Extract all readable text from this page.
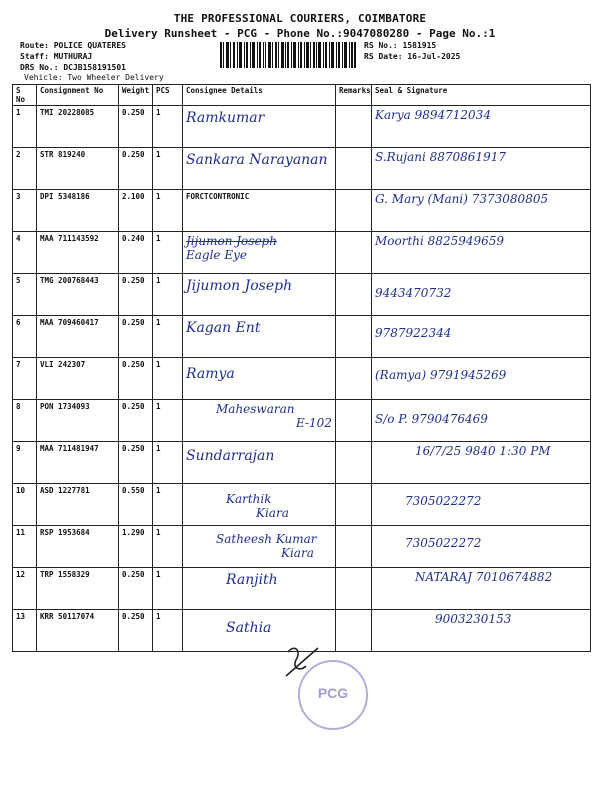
THE PROFESSIONAL COURIERS, COIMBATORE
Delivery Runsheet - PCG - Phone No.:9047080280 - Page No.:1
Route: POLICE QUATERES
Staff: MUTHURAJ
DRS No.: DCJB158191501
Vehicle: Two Wheeler Delivery
RS No.: 1581915
RS Date: 16-Jul-2025
S No	Consignment No	Weight	PCS	Consignee Details	Remarks	Seal & Signature
1	TMI 20228085	0.250	1	Ramkumar		Karya 9894712034

2	STR 819240	0.250	1	Sankara Narayanan		S.Rujani 8870861917

3	DPI 5348186	2.100	1	FORCTCONTRONIC		G. Mary (Mani) 7373080805

4	MAA 711143592	0.240	1	Jijumon Joseph
Eagle Eye		Moorthi 8825949659

5	TMG 200768443	0.250	1	Jijumon Joseph		9443470732

6	MAA 709460417	0.250	1	Kagan Ent		9787922344

7	VLI 242307	0.250	1	Ramya		(Ramya) 9791945269

8	PON 1734093	0.250	1	Maheswaran
E-102		S/o P. 9790476469

9	MAA 711481947	0.250	1	Sundarrajan		16/7/25 9840 1:30 PM

10	ASD 1227781	0.550	1	Karthik
Kiara		7305022272

11	RSP 1953684	1.290	1	Satheesh Kumar
Kiara		7305022272

12	TRP 1558329	0.250	1	Ranjith		NATARAJ 7010674882

13	KRR 50117074	0.250	1	Sathia		9003230153
PCG
